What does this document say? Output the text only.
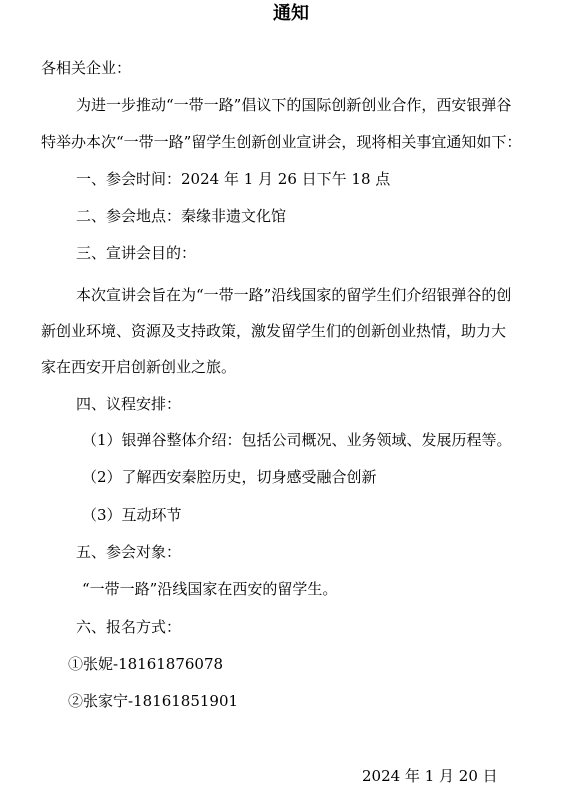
通知
各相关企业：
为进一步推动“一带一路”倡议下的国际创新创业合作，西安银弹谷
特举办本次“一带一路”留学生创新创业宣讲会，现将相关事宜通知如下：
一、参会时间：2024 年 1 月 26 日下午 18 点
二、参会地点：秦缘非遗文化馆
三、宣讲会目的：
本次宣讲会旨在为“一带一路”沿线国家的留学生们介绍银弹谷的创
新创业环境、资源及支持政策，激发留学生们的创新创业热情，助力大
家在西安开启创新创业之旅。
四、议程安排：
（1）银弹谷整体介绍：包括公司概况、业务领域、发展历程等。
（2）了解西安秦腔历史，切身感受融合创新
（3）互动环节
五、参会对象：
“一带一路”沿线国家在西安的留学生。
六、报名方式：
①张妮-18161876078
②张家宁-18161851901
2024 年 1 月 20 日
